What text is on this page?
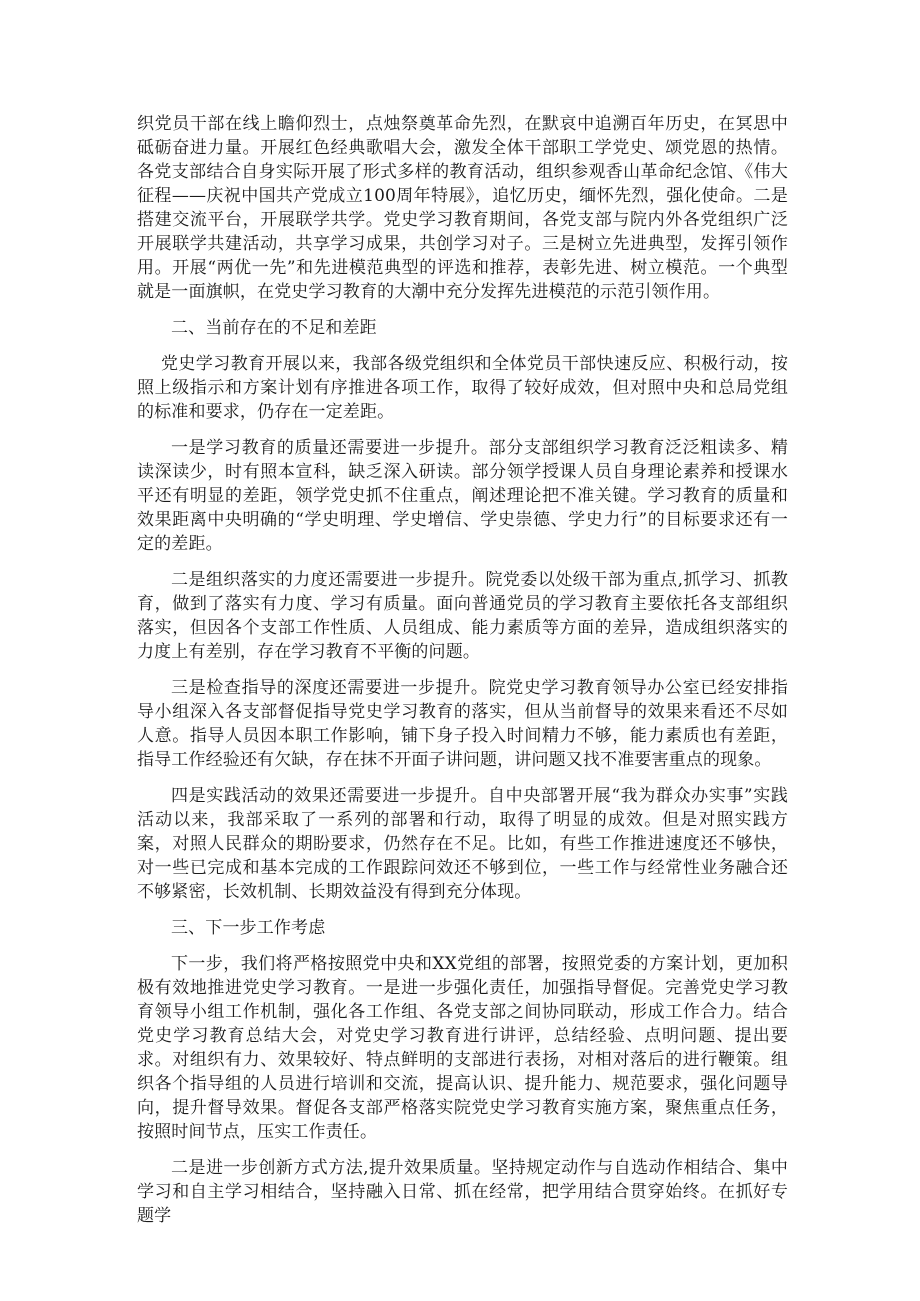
织党员干部在线上瞻仰烈士，点烛祭奠革命先烈，在默哀中追溯百年历史，在冥思中砥砺奋进力量。开展红色经典歌唱大会，激发全体干部职工学党史、颂党恩的热情。各党支部结合自身实际开展了形式多样的教育活动，组织参观香山革命纪念馆、《伟大征程——庆祝中国共产党成立100周年特展》，追忆历史，缅怀先烈，强化使命。二是搭建交流平台，开展联学共学。党史学习教育期间，各党支部与院内外各党组织广泛开展联学共建活动，共享学习成果，共创学习对子。三是树立先进典型，发挥引领作用。开展“两优一先”和先进模范典型的评选和推荐，表彰先进、树立模范。一个典型就是一面旗帜，在党史学习教育的大潮中充分发挥先进模范的示范引领作用。

二、当前存在的不足和差距

党史学习教育开展以来，我部各级党组织和全体党员干部快速反应、积极行动，按照上级指示和方案计划有序推进各项工作，取得了较好成效，但对照中央和总局党组的标准和要求，仍存在一定差距。

一是学习教育的质量还需要进一步提升。部分支部组织学习教育泛泛粗读多、精读深读少，时有照本宣科，缺乏深入研读。部分领学授课人员自身理论素养和授课水平还有明显的差距，领学党史抓不住重点，阐述理论把不准关键。学习教育的质量和效果距离中央明确的“学史明理、学史增信、学史崇德、学史力行”的目标要求还有一定的差距。

二是组织落实的力度还需要进一步提升。院党委以处级干部为重点,抓学习、抓教育，做到了落实有力度、学习有质量。面向普通党员的学习教育主要依托各支部组织落实，但因各个支部工作性质、人员组成、能力素质等方面的差异，造成组织落实的力度上有差别，存在学习教育不平衡的问题。

三是检查指导的深度还需要进一步提升。院党史学习教育领导办公室已经安排指导小组深入各支部督促指导党史学习教育的落实，但从当前督导的效果来看还不尽如人意。指导人员因本职工作影响，铺下身子投入时间精力不够，能力素质也有差距，指导工作经验还有欠缺，存在抹不开面子讲问题，讲问题又找不准要害重点的现象。

四是实践活动的效果还需要进一步提升。自中央部署开展“我为群众办实事”实践活动以来，我部采取了一系列的部署和行动，取得了明显的成效。但是对照实践方案，对照人民群众的期盼要求，仍然存在不足。比如，有些工作推进速度还不够快，对一些已完成和基本完成的工作跟踪问效还不够到位，一些工作与经常性业务融合还不够紧密，长效机制、长期效益没有得到充分体现。

三、下一步工作考虑

下一步，我们将严格按照党中央和XX党组的部署，按照党委的方案计划，更加积极有效地推进党史学习教育。一是进一步强化责任，加强指导督促。完善党史学习教育领导小组工作机制，强化各工作组、各党支部之间协同联动，形成工作合力。结合党史学习教育总结大会，对党史学习教育进行讲评，总结经验、点明问题、提出要求。对组织有力、效果较好、特点鲜明的支部进行表扬，对相对落后的进行鞭策。组织各个指导组的人员进行培训和交流，提高认识、提升能力、规范要求，强化问题导向，提升督导效果。督促各支部严格落实院党史学习教育实施方案，聚焦重点任务，按照时间节点，压实工作责任。

二是进一步创新方式方法,提升效果质量。坚持规定动作与自选动作相结合、集中学习和自主学习相结合，坚持融入日常、抓在经常，把学用结合贯穿始终。在抓好专题学
